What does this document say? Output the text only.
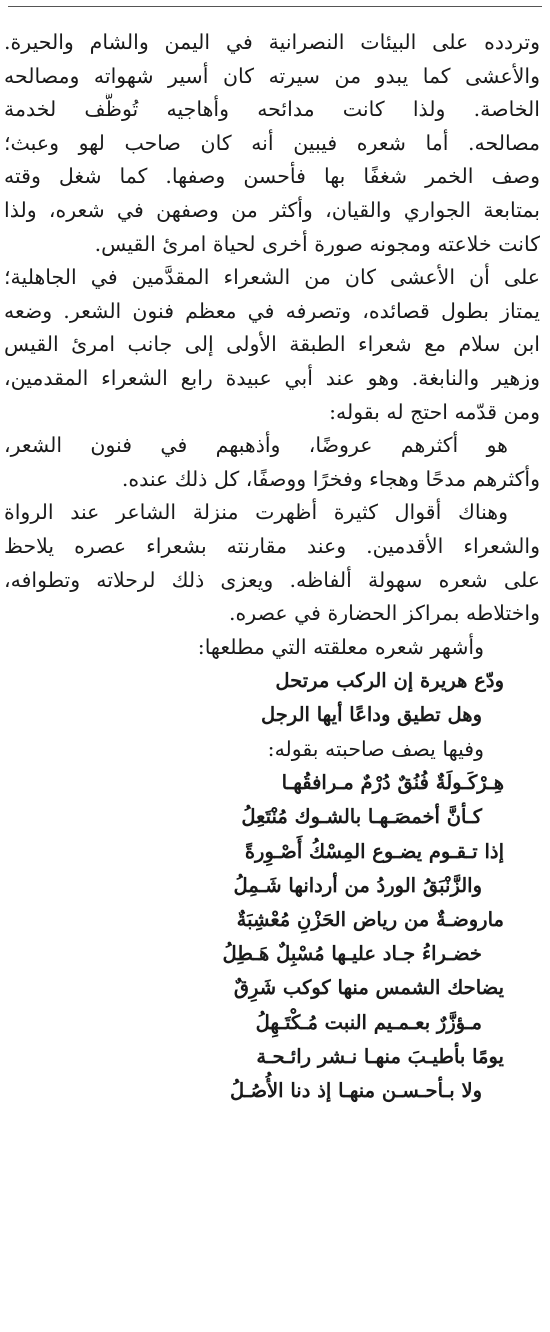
وتردده على البيئات النصرانية في اليمن والشام والحيرة.
والأعشى كما يبدو من سيرته كان أسير شهواته ومصالحه
الخاصة. ولذا كانت مدائحه وأهاجيه تُوظَّف لخدمة
مصالحه. أما شعره فيبين أنه كان صاحب لهو وعبث؛
وصف الخمر شغفًا بها فأحسن وصفها. كما شغل وقته
بمتابعة الجواري والقيان، وأكثر من وصفهن في شعره، ولذا
كانت خلاعته ومجونه صورة أخرى لحياة امرئ القيس.
على أن الأعشى كان من الشعراء المقدَّمين في الجاهلية؛
يمتاز بطول قصائده، وتصرفه في معظم فنون الشعر. وضعه
ابن سلام مع شعراء الطبقة الأولى إلى جانب امرئ القيس
وزهير والنابغة. وهو عند أبي عبيدة رابع الشعراء المقدمين،
ومن قدّمه احتج له بقوله:
هو أكثرهم عروضًا، وأذهبهم في فنون الشعر،
وأكثرهم مدحًا وهجاء وفخرًا ووصفًا، كل ذلك عنده.
وهناك أقوال كثيرة أظهرت منزلة الشاعر عند الرواة
والشعراء الأقدمين. وعند مقارنته بشعراء عصره يلاحظ
على شعره سهولة ألفاظه. ويعزى ذلك لرحلاته وتطوافه،
واختلاطه بمراكز الحضارة في عصره.
وأشهر شعره معلقته التي مطلعها:
ودّع هريرة إن الركب مرتحل
وهل تطيق وداعًا أيها الرجل
وفيها يصف صاحبته بقوله:
هِـرْكَـولَةٌ فُنُقٌ دُرْمٌ مـرافقُهـا
كـأنَّ أخمصَـهـا بالشـوك مُنْتَعِلُ
إذا تـقـوم يضـوع المِسْكُ أَصْـوِرةً
والزَّنْبَقُ الوردُ من أردانها شَـمِلُ
ماروضـةٌ من رياض الحَزْنِ مُعْشِبَةٌ
خضـراءُ جـاد عليـها مُسْبِلٌ هَـطِلُ
يضاحك الشمس منها كوكب شَرِقٌ
مـؤزَّرٌ بعـمـيم النبت مُـكْتَـهِلُ
يومًا بأطيـبَ منهـا نـشر رائـحـة
ولا بـأحـسـن منهـا إذ دنا الأُصُـلُ
